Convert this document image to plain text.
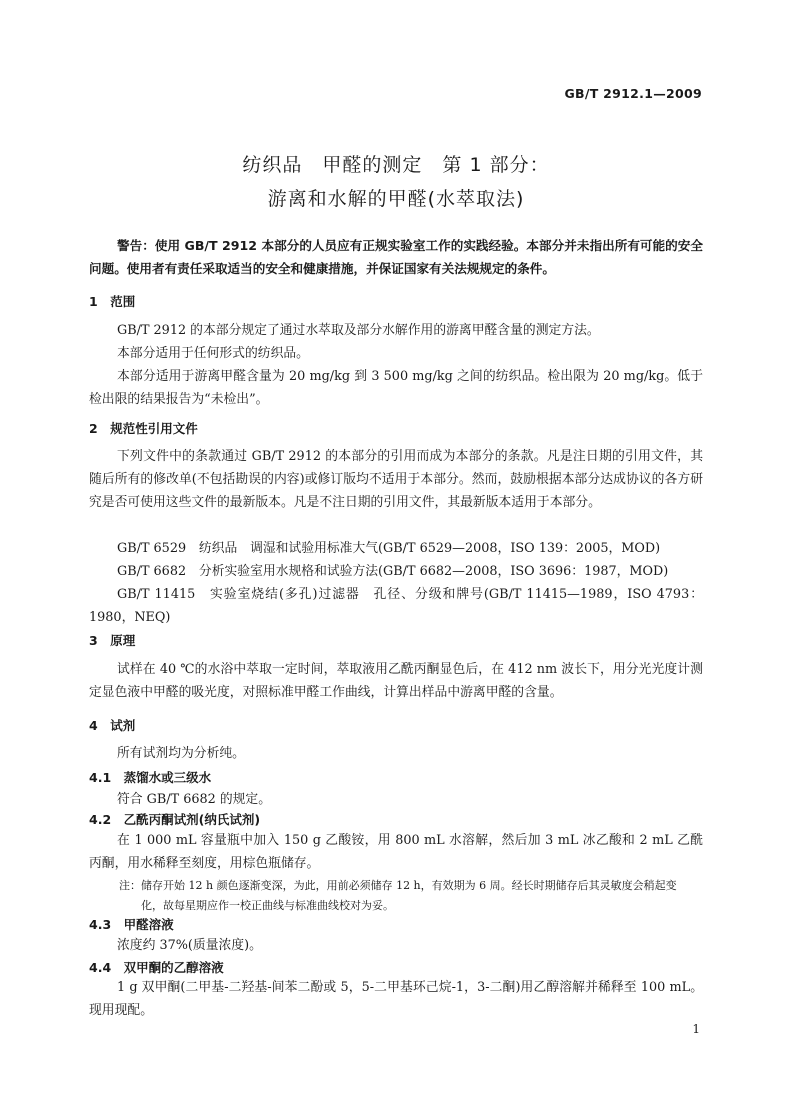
GB/T 2912.1—2009
纺织品　甲醛的测定　第 1 部分：
游离和水解的甲醛(水萃取法)
警告：使用 GB/T 2912 本部分的人员应有正规实验室工作的实践经验。本部分并未指出所有可能的安全问题。使用者有责任采取适当的安全和健康措施，并保证国家有关法规规定的条件。
1　范围
GB/T 2912 的本部分规定了通过水萃取及部分水解作用的游离甲醛含量的测定方法。
本部分适用于任何形式的纺织品。
本部分适用于游离甲醛含量为 20 mg/kg 到 3 500 mg/kg 之间的纺织品。检出限为 20 mg/kg。低于检出限的结果报告为“未检出”。
2　规范性引用文件
下列文件中的条款通过 GB/T 2912 的本部分的引用而成为本部分的条款。凡是注日期的引用文件，其随后所有的修改单(不包括勘误的内容)或修订版均不适用于本部分。然而，鼓励根据本部分达成协议的各方研究是否可使用这些文件的最新版本。凡是不注日期的引用文件，其最新版本适用于本部分。
GB/T 6529　纺织品　调湿和试验用标准大气(GB/T 6529—2008，ISO 139：2005，MOD)
GB/T 6682　分析实验室用水规格和试验方法(GB/T 6682—2008，ISO 3696：1987，MOD)
GB/T 11415　实验室烧结(多孔)过滤器　孔径、分级和牌号(GB/T 11415—1989，ISO 4793：1980，NEQ)
3　原理
试样在 40 ℃的水浴中萃取一定时间，萃取液用乙酰丙酮显色后，在 412 nm 波长下，用分光光度计测定显色液中甲醛的吸光度，对照标准甲醛工作曲线，计算出样品中游离甲醛的含量。
4　试剂
所有试剂均为分析纯。
4.1　蒸馏水或三级水
符合 GB/T 6682 的规定。
4.2　乙酰丙酮试剂(纳氏试剂)
在 1 000 mL 容量瓶中加入 150 g 乙酸铵，用 800 mL 水溶解，然后加 3 mL 冰乙酸和 2 mL 乙酰丙酮，用水稀释至刻度，用棕色瓶储存。
注：储存开始 12 h 颜色逐渐变深，为此，用前必须储存 12 h，有效期为 6 周。经长时期储存后其灵敏度会稍起变
化，故每星期应作一校正曲线与标准曲线校对为妥。
4.3　甲醛溶液
浓度约 37%(质量浓度)。
4.4　双甲酮的乙醇溶液
1 g 双甲酮(二甲基-二羟基-间苯二酚或 5，5-二甲基环己烷-1，3-二酮)用乙醇溶解并稀释至 100 mL。现用现配。
1
